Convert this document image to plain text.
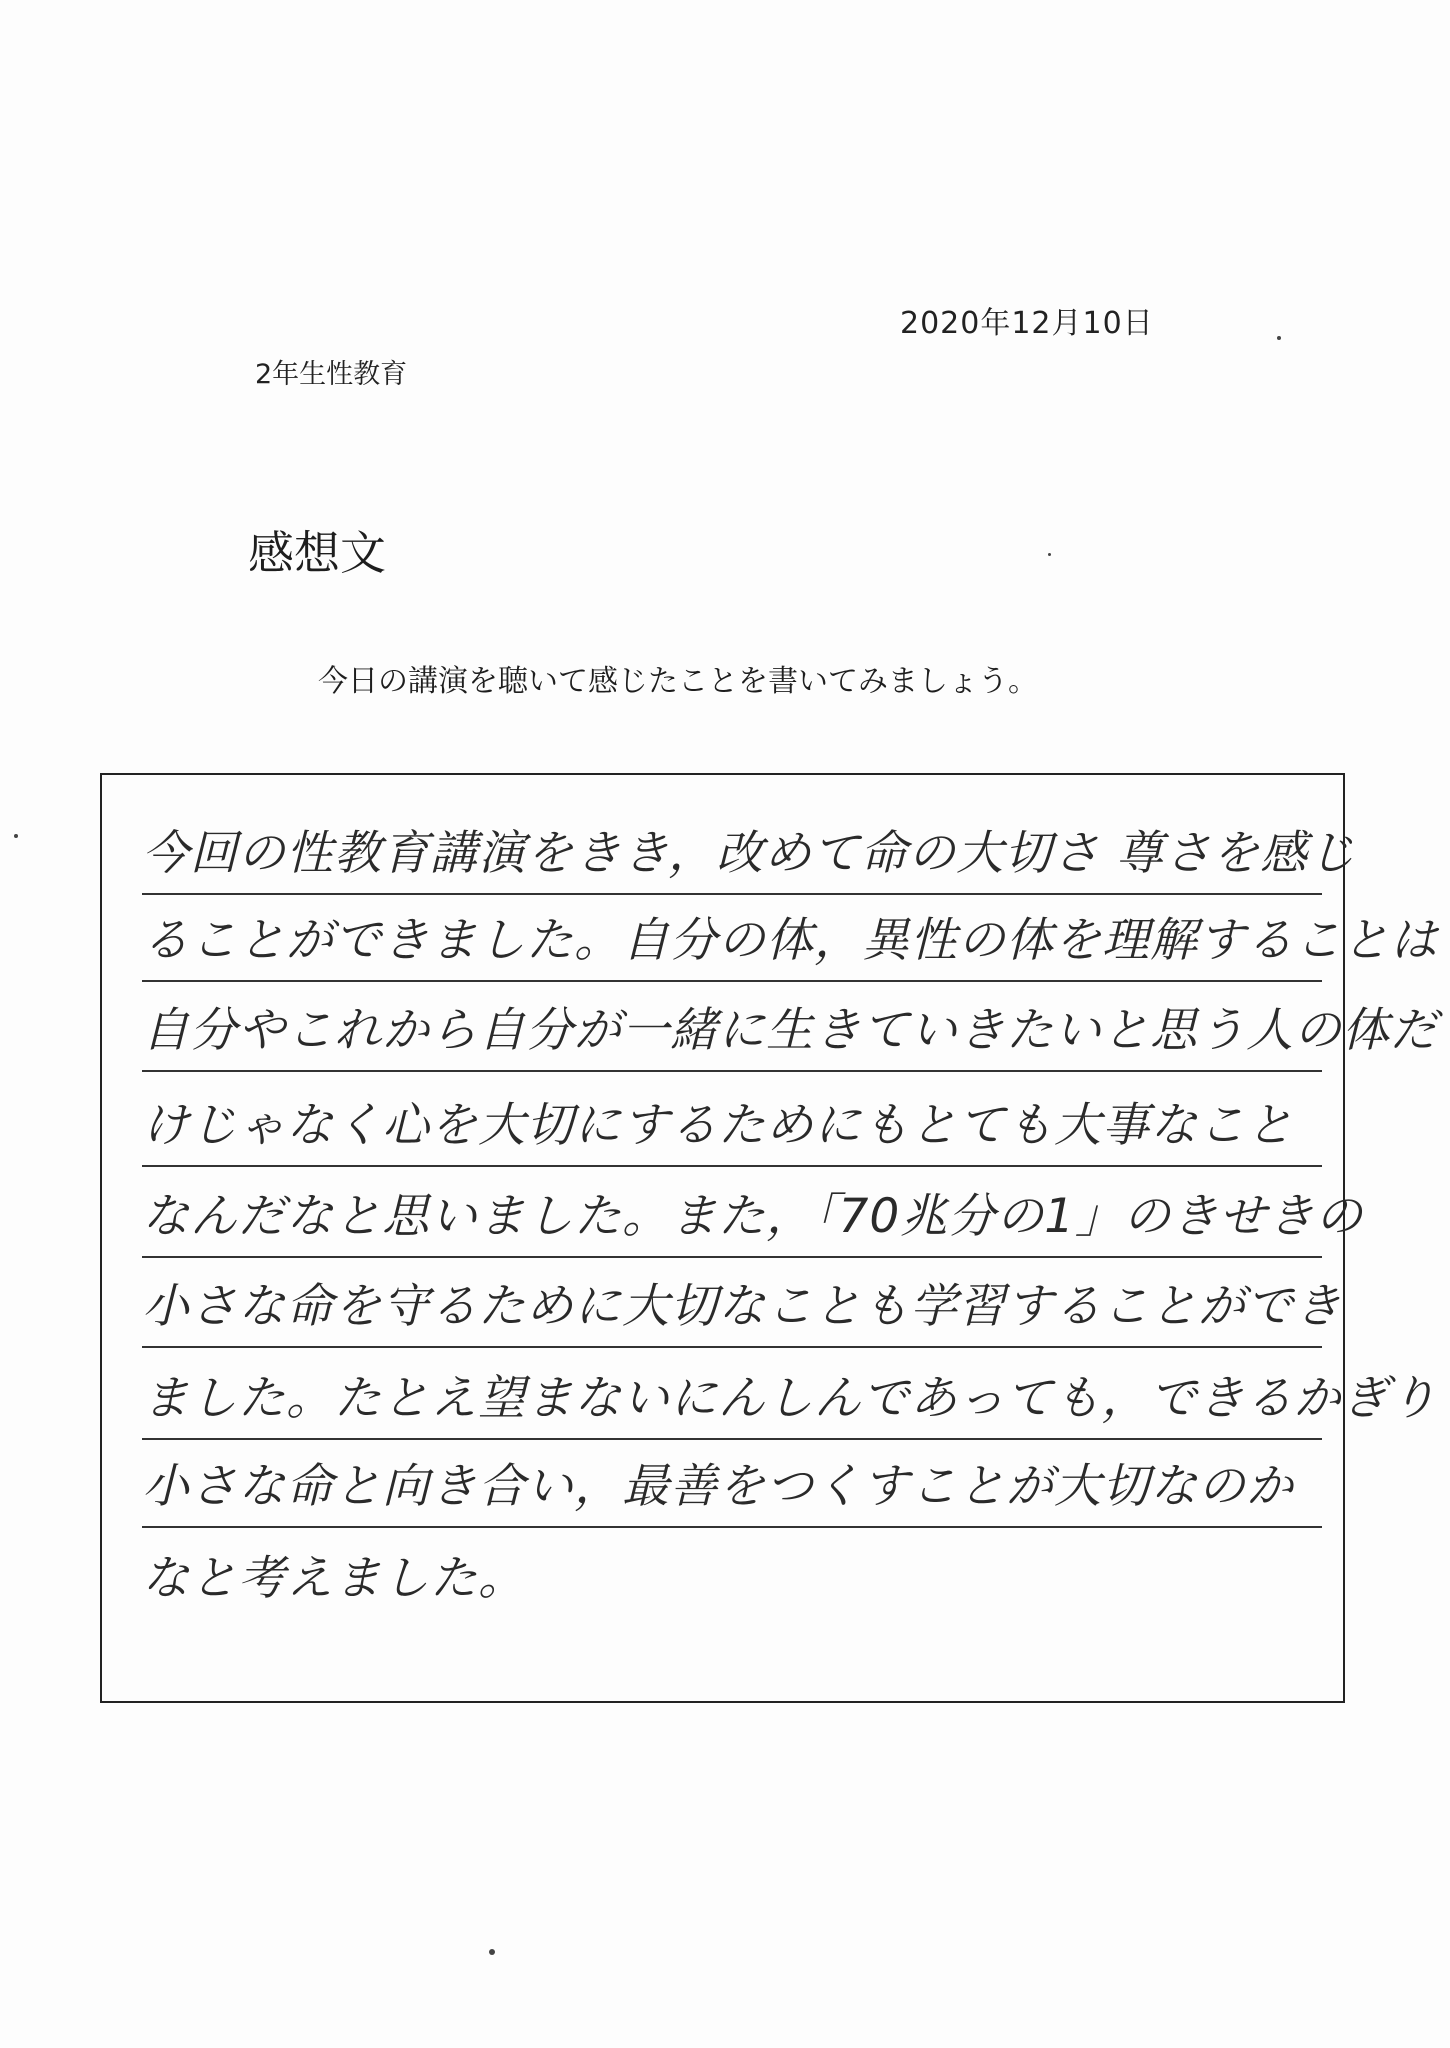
2020年12月10日
2年生性教育
感想文
今日の講演を聴いて感じたことを書いてみましょう。
今回の性教育講演をきき，改めて命の大切さ 尊さを感じ
ることができました。自分の体，異性の体を理解することは
自分やこれから自分が一緒に生きていきたいと思う人の体だ
けじゃなく心を大切にするためにもとても大事なこと
なんだなと思いました。また，「70兆分の1」のきせきの
小さな命を守るために大切なことも学習することができ
ました。たとえ望まないにんしんであっても，できるかぎり
小さな命と向き合い，最善をつくすことが大切なのか
なと考えました。
